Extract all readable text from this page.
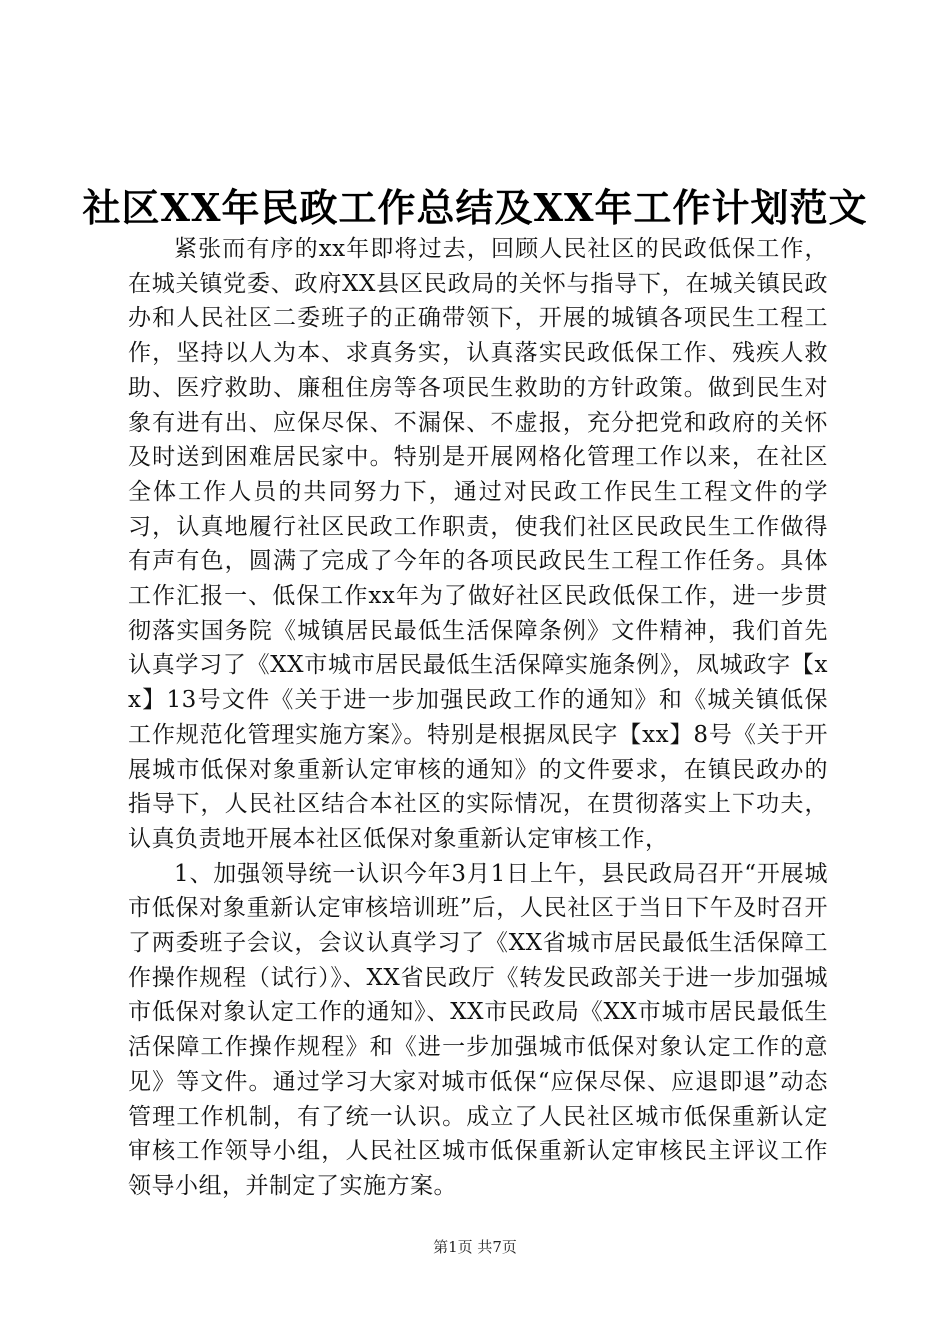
社区XX年民政工作总结及XX年工作计划范文

紧张而有序的xx年即将过去，回顾人民社区的民政低保工作，在城关镇党委、政府XX县区民政局的关怀与指导下，在城关镇民政办和人民社区二委班子的正确带领下，开展的城镇各项民生工程工作，坚持以人为本、求真务实，认真落实民政低保工作、残疾人救助、医疗救助、廉租住房等各项民生救助的方针政策。做到民生对象有进有出、应保尽保、不漏保、不虚报，充分把党和政府的关怀及时送到困难居民家中。特别是开展网格化管理工作以来，在社区全体工作人员的共同努力下，通过对民政工作民生工程文件的学习，认真地履行社区民政工作职责，使我们社区民政民生工作做得有声有色，圆满了完成了今年的各项民政民生工程工作任务。具体工作汇报一、低保工作xx年为了做好社区民政低保工作，进一步贯彻落实国务院《城镇居民最低生活保障条例》文件精神，我们首先认真学习了《XX市城市居民最低生活保障实施条例》，凤城政字【xx】13号文件《关于进一步加强民政工作的通知》和《城关镇低保工作规范化管理实施方案》。特别是根据凤民字【xx】8号《关于开展城市低保对象重新认定审核的通知》的文件要求，在镇民政办的指导下，人民社区结合本社区的实际情况，在贯彻落实上下功夫，认真负责地开展本社区低保对象重新认定审核工作，

1、加强领导统一认识今年3月1日上午，县民政局召开“开展城市低保对象重新认定审核培训班”后，人民社区于当日下午及时召开了两委班子会议，会议认真学习了《XX省城市居民最低生活保障工作操作规程（试行）》、XX省民政厅《转发民政部关于进一步加强城市低保对象认定工作的通知》、XX市民政局《XX市城市居民最低生活保障工作操作规程》和《进一步加强城市低保对象认定工作的意见》等文件。通过学习大家对城市低保“应保尽保、应退即退”动态管理工作机制，有了统一认识。成立了人民社区城市低保重新认定审核工作领导小组，人民社区城市低保重新认定审核民主评议工作领导小组，并制定了实施方案。

第1页 共7页
